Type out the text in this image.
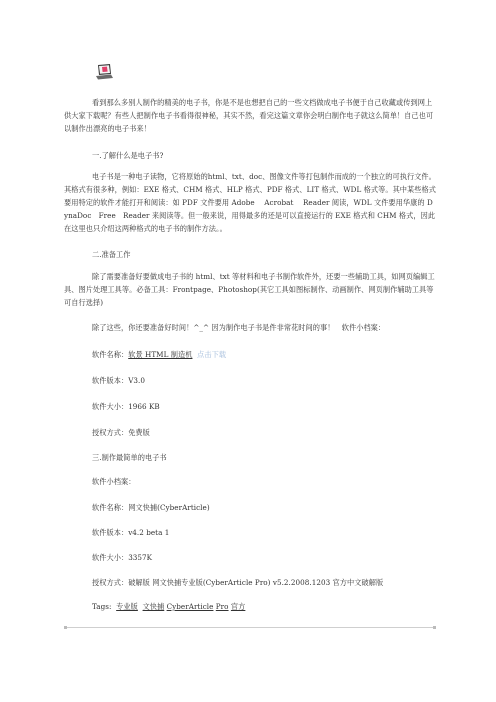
看到那么多别人制作的精美的电子书，你是不是也想把自己的一些文档做成电子书便于自己收藏或传到网上供大家下载呢？有些人把制作电子书看得很神秘，其实不然，看完这篇文章你会明白制作电子就这么简单！自己也可以制作出漂亮的电子书来！

一.了解什么是电子书?

电子书是一种电子读物，它将原始的html、txt、doc、图像文件等打包制作而成的一个独立的可执行文件。其格式有很多种，例如：EXE 格式、CHM 格式、HLP 格式、PDF 格式、LIT 格式、WDL 格式等。其中某些格式要用特定的软件才能打开和阅读：如 PDF 文件要用 Adobe　 Acrobat　 Reader 阅读，WDL 文件要用华康的 DynaDoc　Free　Reader 来阅读等。但一般来说，用得最多的还是可以直接运行的 EXE 格式和 CHM 格式，因此在这里也只介绍这两种格式的电子书的制作方法。。

二.准备工作

除了需要准备好要做成电子书的 html、txt 等材料和电子书制作软件外，还要一些辅助工具，如网页编辑工具、图片处理工具等。必备工具：Frontpage、Photoshop(其它工具如图标制作、动画制作、网页制作辅助工具等可自行选择)

除了这些，你还要准备好时间！^_^ 因为制作电子书是件非常花时间的事！　软件小档案：

软件名称：软景 HTML 制造机 点击下载

软件版本：V3.0

软件大小：1966 KB

授权方式：免费版

三.制作最简单的电子书

软件小档案：

软件名称：网文快捕(CyberArticle)

软件版本：v4.2 beta 1

软件大小：3357K

授权方式：破解版 网文快捕专业版(CyberArticle Pro) v5.2.2008.1203 官方中文破解版

Tags: 专业版 文快捕 CyberArticle Pro 官方
